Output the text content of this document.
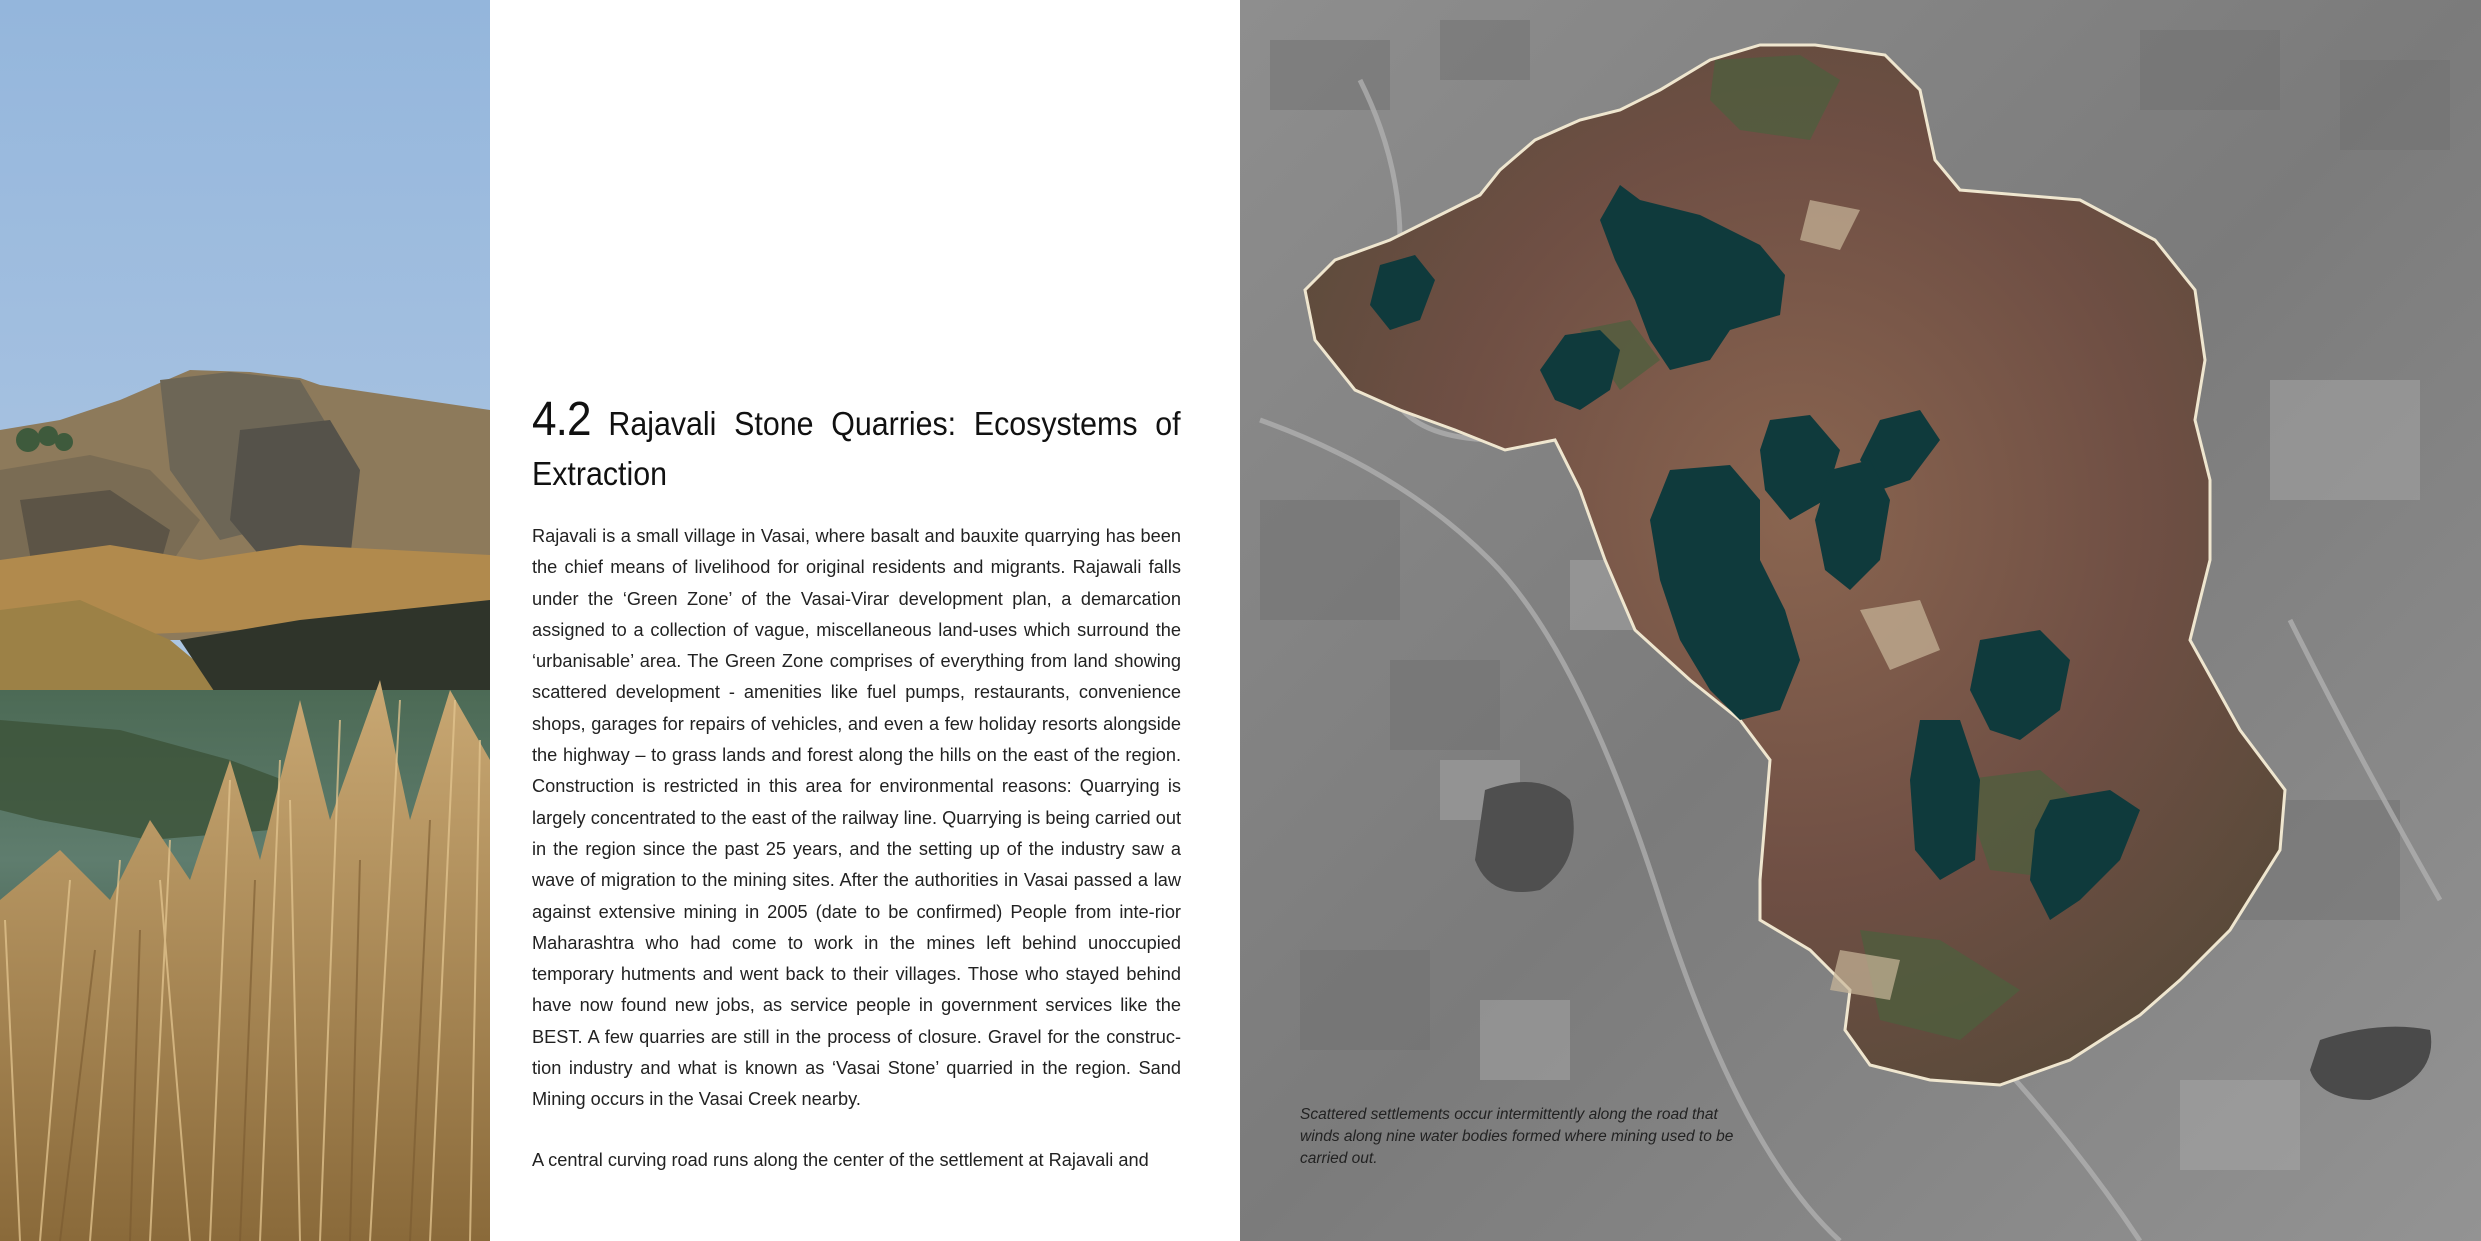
4.2 Rajavali Stone Quarries: Ecosystems of Extraction

Rajavali is a small village in Vasai, where basalt and bauxite quarrying has been the chief means of livelihood for original residents and migrants. Rajawali falls under the ‘Green Zone’ of the Vasai-Virar development plan, a demarcation assigned to a collection of vague, miscellaneous land-uses which surround the ‘urbanisable’ area. The Green Zone comprises of everything from land showing scattered development - amenities like fuel pumps, restaurants, convenience shops, garages for repairs of vehicles, and even a few holiday resorts alongside the highway – to grass lands and forest along the hills on the east of the region. Construction is restricted in this area for environmental reasons: Quarrying is largely concentrated to the east of the railway line. Quarrying is being carried out in the region since the past 25 years, and the setting up of the industry saw a wave of migration to the mining sites. After the authorities in Vasai passed a law against extensive mining in 2005 (date to be confirmed) People from inte-rior Maharashtra who had come to work in the mines left behind unoccupied temporary hutments and went back to their villages. Those who stayed behind have now found new jobs, as service people in government services like the BEST. A few quarries are still in the process of closure. Gravel for the construc-tion industry and what is known as ‘Vasai Stone’ quarried in the region. Sand Mining occurs in the Vasai Creek nearby.

A central curving road runs along the center of the settlement at Rajavali and

Scattered settlements occur intermittently along the road that winds along nine water bodies formed where mining used to be carried out.
